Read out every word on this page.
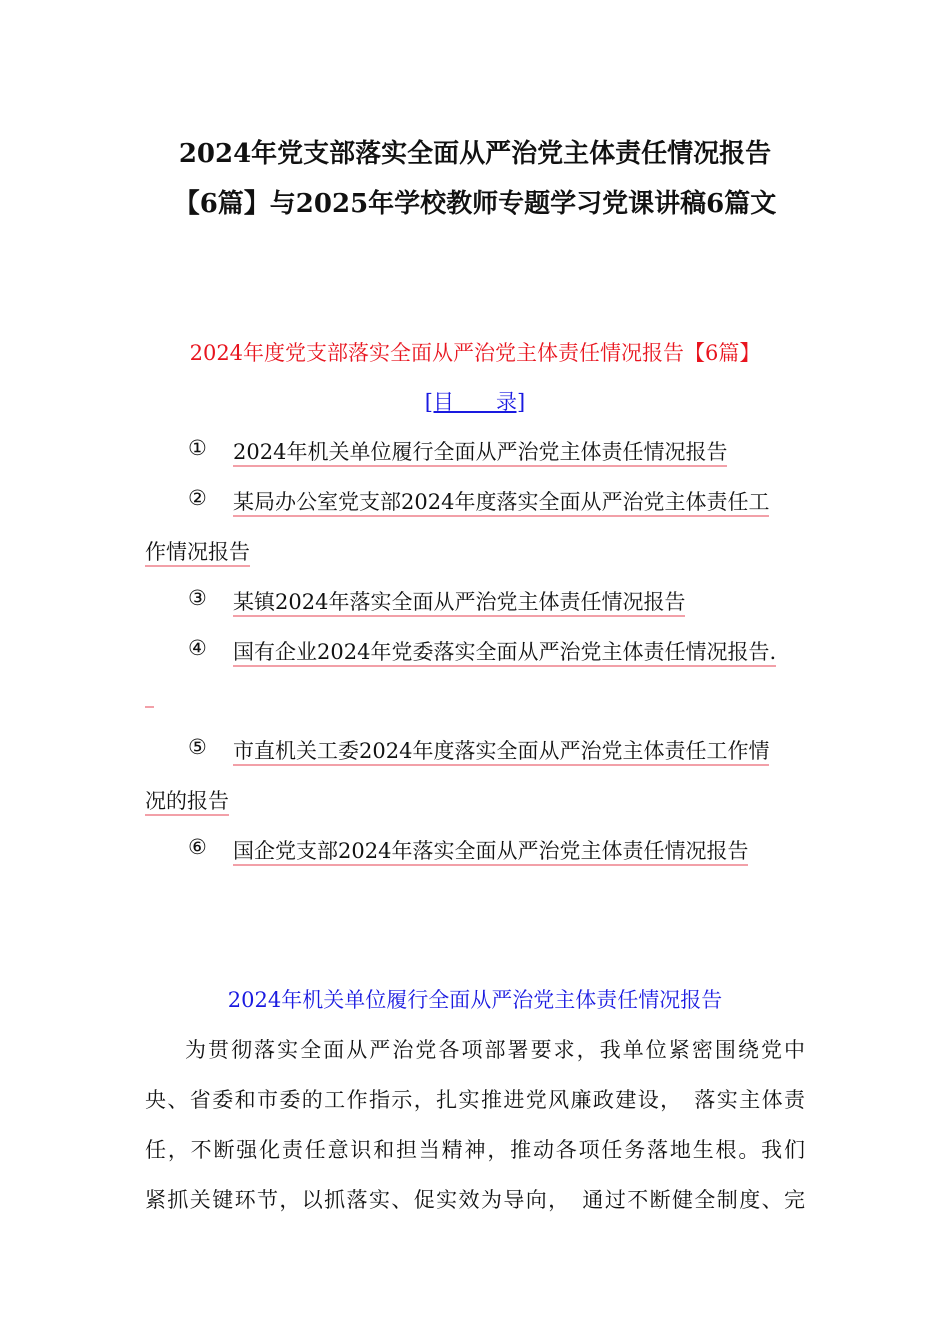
2024年党支部落实全面从严治党主体责任情况报告
【6篇】与2025年学校教师专题学习党课讲稿6篇文
2024年度党支部落实全面从严治党主体责任情况报告【6篇】
[目　　录]
① 2024年机关单位履行全面从严治党主体责任情况报告
② 某局办公室党支部2024年度落实全面从严治党主体责任工
作情况报告
③ 某镇2024年落实全面从严治党主体责任情况报告
④ 国有企业2024年党委落实全面从严治党主体责任情况报告.
⑤ 市直机关工委2024年度落实全面从严治党主体责任工作情
况的报告
⑥ 国企党支部2024年落实全面从严治党主体责任情况报告
2024年机关单位履行全面从严治党主体责任情况报告
为贯彻落实全面从严治党各项部署要求，我单位紧密围绕党中
央、省委和市委的工作指示，扎实推进党风廉政建设，　落实主体责
任，不断强化责任意识和担当精神，推动各项任务落地生根。我们
紧抓关键环节，以抓落实、促实效为导向，　通过不断健全制度、完
